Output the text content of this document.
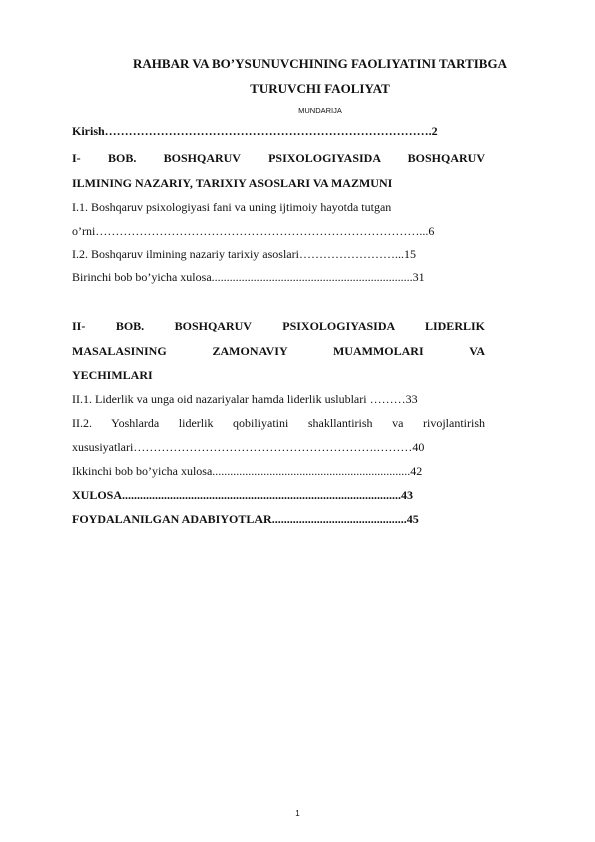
RAHBAR VA BO’YSUNUVCHINING FAOLIYATINI TARTIBGA

TURUVCHI FAOLIYAT

MUNDARIJA

Kirish……………………………………………………………………….2

I- BOB. BOSHQARUV PSIXOLOGIYASIDA BOSHQARUV

ILMINING NAZARIY, TARIXIY ASOSLARI VA MAZMUNI

I.1. Boshqaruv psixologiyasi fani va uning ijtimoiy hayotda tutgan

o’rni………………………………………………………………………...6

I.2. Boshqaruv ilmining nazariy tarixiy asoslari……………………...15

Birinchi bob bo’yicha xulosa...................................................................31

II- BOB. BOSHQARUV PSIXOLOGIYASIDA LIDERLIK

MASALASINING ZAMONAVIY MUAMMOLARI VA

YECHIMLARI

II.1. Liderlik va unga oid nazariyalar hamda liderlik uslublari ………33

II.2. Yoshlarda liderlik qobiliyatini shakllantirish va rivojlantirish

xususiyatlari…………………………………………………….………40

Ikkinchi bob bo’yicha xulosa..................................................................42

XULOSA.............................................................................................43

FOYDALANILGAN ADABIYOTLAR.............................................45

1
